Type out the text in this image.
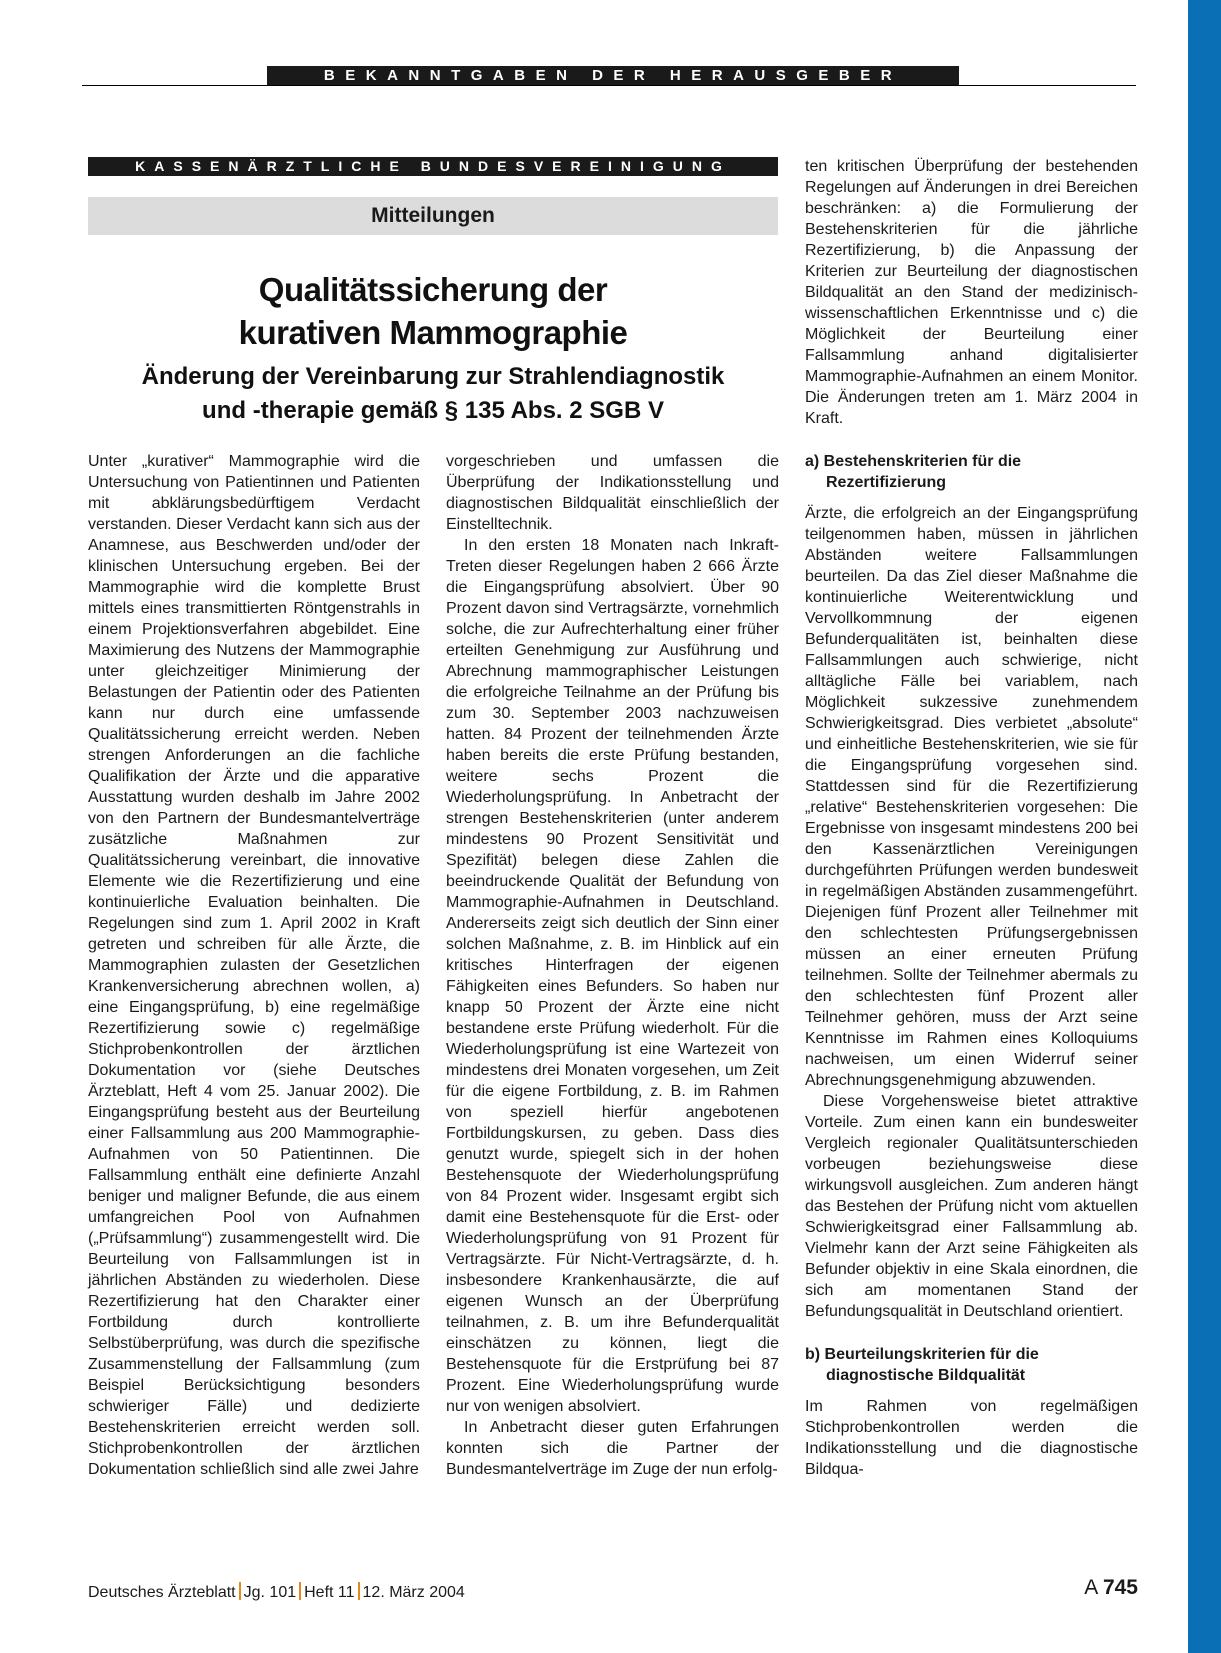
BEKANNTGABEN DER HERAUSGEBER
KASSENÄRZTLICHE BUNDESVEREINIGUNG
Mitteilungen
Qualitätssicherung der
kurativen Mammographie
Änderung der Vereinbarung zur Strahlendiagnostik
und -therapie gemäß § 135 Abs. 2 SGB V

Unter „kurativer“ Mammographie wird die Untersuchung von Patientinnen und Patienten mit abklärungsbedürftigem Verdacht verstanden. Dieser Verdacht kann sich aus der Anamnese, aus Beschwerden und/oder der klinischen Untersuchung ergeben. Bei der Mammographie wird die komplette Brust mittels eines transmittierten Röntgenstrahls in einem Projektionsverfahren abgebildet. Eine Maximierung des Nutzens der Mammographie unter gleichzeitiger Minimierung der Belastungen der Patientin oder des Patienten kann nur durch eine umfassende Qualitätssicherung erreicht werden. Neben strengen Anforderungen an die fachliche Qualifikation der Ärzte und die apparative Ausstattung wurden deshalb im Jahre 2002 von den Partnern der Bundesmantelverträge zusätzliche Maßnahmen zur Qualitätssicherung vereinbart, die innovative Elemente wie die Rezertifizierung und eine kontinuierliche Evaluation beinhalten. Die Regelungen sind zum 1. April 2002 in Kraft getreten und schreiben für alle Ärzte, die Mammographien zulasten der Gesetzlichen Krankenversicherung abrechnen wollen, a) eine Eingangsprüfung, b) eine regelmäßige Rezertifizierung sowie c) regelmäßige Stichprobenkontrollen der ärztlichen Dokumentation vor (siehe Deutsches Ärzteblatt, Heft 4 vom 25. Januar 2002). Die Eingangsprüfung besteht aus der Beurteilung einer Fallsammlung aus 200 Mammographie-Aufnahmen von 50 Patientinnen. Die Fallsammlung enthält eine definierte Anzahl beniger und maligner Befunde, die aus einem umfangreichen Pool von Aufnahmen („Prüfsammlung“) zusammengestellt wird. Die Beurteilung von Fallsammlungen ist in jährlichen Abständen zu wiederholen. Diese Rezertifizierung hat den Charakter einer Fortbildung durch kontrollierte Selbstüberprüfung, was durch die spezifische Zusammenstellung der Fallsammlung (zum Beispiel Berücksichtigung besonders schwieriger Fälle) und dedizierte Bestehenskriterien erreicht werden soll. Stichprobenkontrollen der ärztlichen Dokumentation schließlich sind alle zwei Jahre

vorgeschrieben und umfassen die Überprüfung der Indikationsstellung und diagnostischen Bildqualität einschließlich der Einstelltechnik.

In den ersten 18 Monaten nach Inkraft-Treten dieser Regelungen haben 2 666 Ärzte die Eingangsprüfung absolviert. Über 90 Prozent davon sind Vertragsärzte, vornehmlich solche, die zur Aufrechterhaltung einer früher erteilten Genehmigung zur Ausführung und Abrechnung mammographischer Leistungen die erfolgreiche Teilnahme an der Prüfung bis zum 30. September 2003 nachzuweisen hatten. 84 Prozent der teilnehmenden Ärzte haben bereits die erste Prüfung bestanden, weitere sechs Prozent die Wiederholungsprüfung. In Anbetracht der strengen Bestehenskriterien (unter anderem mindestens 90 Prozent Sensitivität und Spezifität) belegen diese Zahlen die beeindruckende Qualität der Befundung von Mammographie-Aufnahmen in Deutschland. Andererseits zeigt sich deutlich der Sinn einer solchen Maßnahme, z. B. im Hinblick auf ein kritisches Hinterfragen der eigenen Fähigkeiten eines Befunders. So haben nur knapp 50 Prozent der Ärzte eine nicht bestandene erste Prüfung wiederholt. Für die Wiederholungsprüfung ist eine Wartezeit von mindestens drei Monaten vorgesehen, um Zeit für die eigene Fortbildung, z. B. im Rahmen von speziell hierfür angebotenen Fortbildungskursen, zu geben. Dass dies genutzt wurde, spiegelt sich in der hohen Bestehensquote der Wiederholungsprüfung von 84 Prozent wider. Insgesamt ergibt sich damit eine Bestehensquote für die Erst- oder Wiederholungsprüfung von 91 Prozent für Vertragsärzte. Für Nicht-Vertragsärzte, d. h. insbesondere Krankenhausärzte, die auf eigenen Wunsch an der Überprüfung teilnahmen, z. B. um ihre Befunderqualität einschätzen zu können, liegt die Bestehensquote für die Erstprüfung bei 87 Prozent. Eine Wiederholungsprüfung wurde nur von wenigen absolviert.

In Anbetracht dieser guten Erfahrungen konnten sich die Partner der Bundesmantelverträge im Zuge der nun erfolg-

ten kritischen Überprüfung der bestehenden Regelungen auf Änderungen in drei Bereichen beschränken: a) die Formulierung der Bestehenskriterien für die jährliche Rezertifizierung, b) die Anpassung der Kriterien zur Beurteilung der diagnostischen Bildqualität an den Stand der medizinisch-wissenschaftlichen Erkenntnisse und c) die Möglichkeit der Beurteilung einer Fallsammlung anhand digitalisierter Mammographie-Aufnahmen an einem Monitor. Die Änderungen treten am 1. März 2004 in Kraft.

a) Bestehenskriterien für die Rezertifizierung

Ärzte, die erfolgreich an der Eingangsprüfung teilgenommen haben, müssen in jährlichen Abständen weitere Fallsammlungen beurteilen. Da das Ziel dieser Maßnahme die kontinuierliche Weiterentwicklung und Vervollkommnung der eigenen Befunderqualitäten ist, beinhalten diese Fallsammlungen auch schwierige, nicht alltägliche Fälle bei variablem, nach Möglichkeit sukzessive zunehmendem Schwierigkeitsgrad. Dies verbietet „absolute“ und einheitliche Bestehenskriterien, wie sie für die Eingangsprüfung vorgesehen sind. Stattdessen sind für die Rezertifizierung „relative“ Bestehenskriterien vorgesehen: Die Ergebnisse von insgesamt mindestens 200 bei den Kassenärztlichen Vereinigungen durchgeführten Prüfungen werden bundesweit in regelmäßigen Abständen zusammengeführt. Diejenigen fünf Prozent aller Teilnehmer mit den schlechtesten Prüfungsergebnissen müssen an einer erneuten Prüfung teilnehmen. Sollte der Teilnehmer abermals zu den schlechtesten fünf Prozent aller Teilnehmer gehören, muss der Arzt seine Kenntnisse im Rahmen eines Kolloquiums nachweisen, um einen Widerruf seiner Abrechnungsgenehmigung abzuwenden.

Diese Vorgehensweise bietet attraktive Vorteile. Zum einen kann ein bundesweiter Vergleich regionaler Qualitätsunterschieden vorbeugen beziehungsweise diese wirkungsvoll ausgleichen. Zum anderen hängt das Bestehen der Prüfung nicht vom aktuellen Schwierigkeitsgrad einer Fallsammlung ab. Vielmehr kann der Arzt seine Fähigkeiten als Befunder objektiv in eine Skala einordnen, die sich am momentanen Stand der Befundungsqualität in Deutschland orientiert.

b) Beurteilungskriterien für die diagnostische Bildqualität

Im Rahmen von regelmäßigen Stichprobenkontrollen werden die Indikationsstellung und die diagnostische Bildqua-

Deutsches Ärzteblatt Jg. 101 Heft 11 12. März 2004	A 745
